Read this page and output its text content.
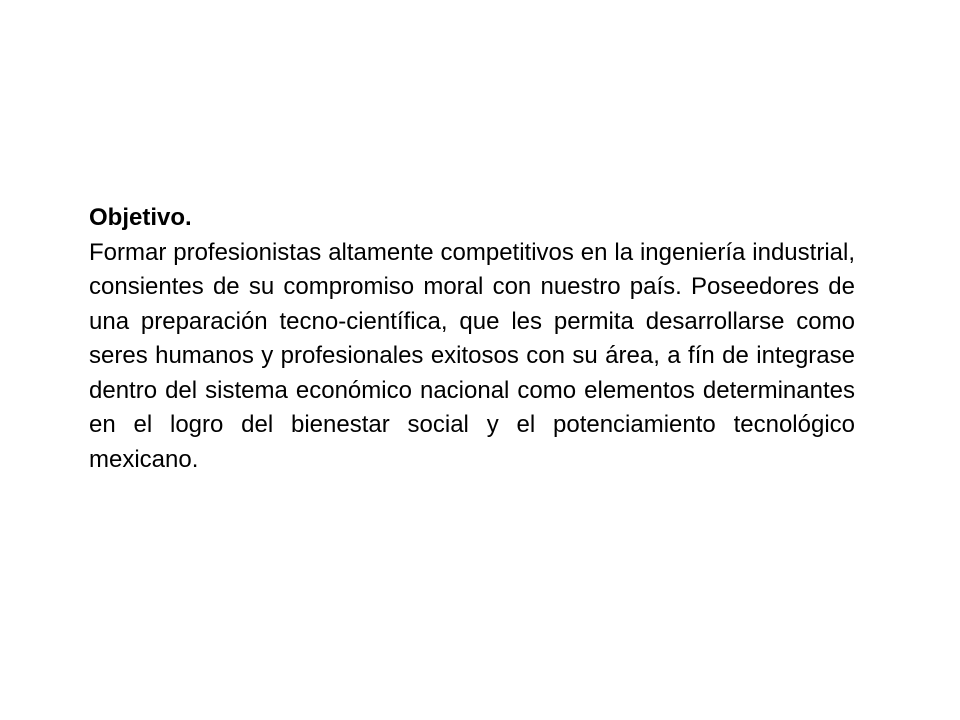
Objetivo.

Formar profesionistas altamente competitivos en la ingeniería industrial, consientes de su compromiso moral con nuestro país. Poseedores de una preparación tecno-científica, que les permita desarrollarse como seres humanos y profesionales exitosos con su área, a fín de integrase dentro del sistema económico nacional como elementos determinantes en el logro del bienestar social y el potenciamiento tecnológico mexicano.
